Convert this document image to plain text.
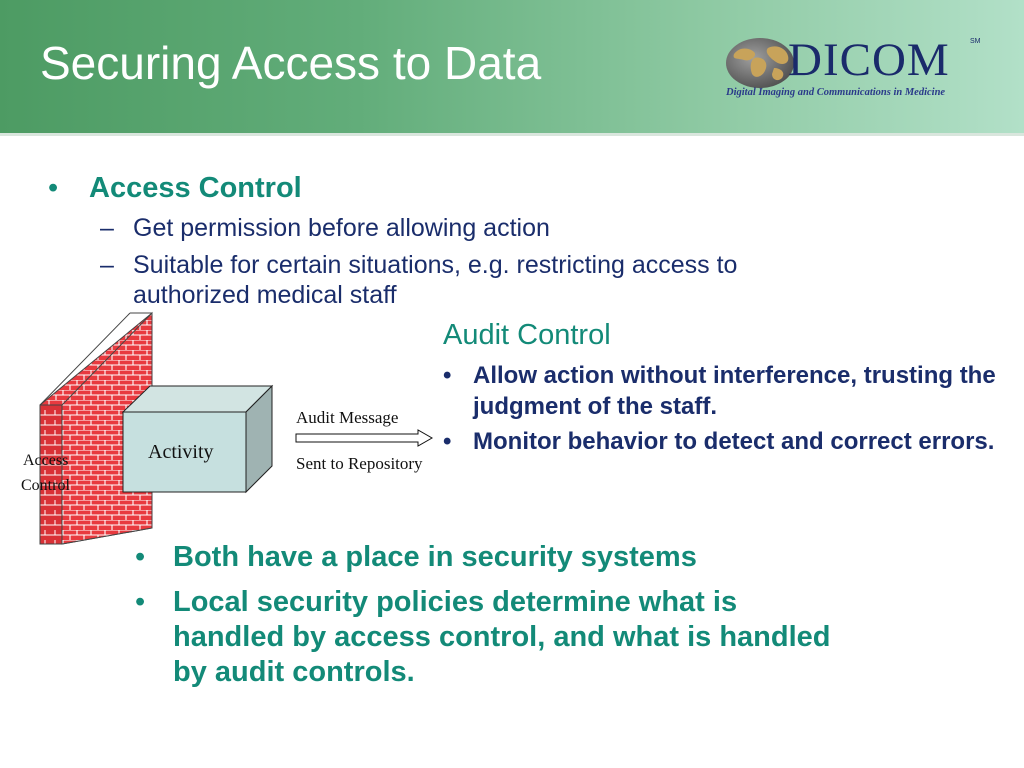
Securing Access to Data	DICOM	SM
Digital Imaging and Communications in Medicine
• Access Control
– Get permission before allowing action
– Suitable for certain situations, e.g. restricting access to authorized medical staff
Activity
Access
Control
Audit Message
Sent to Repository
Audit Control
• Allow action without interference, trusting the judgment of the staff.
• Monitor behavior to detect and correct errors.
• Both have a place in security systems
• Local security policies determine what is handled by access control, and what is handled by audit controls.
